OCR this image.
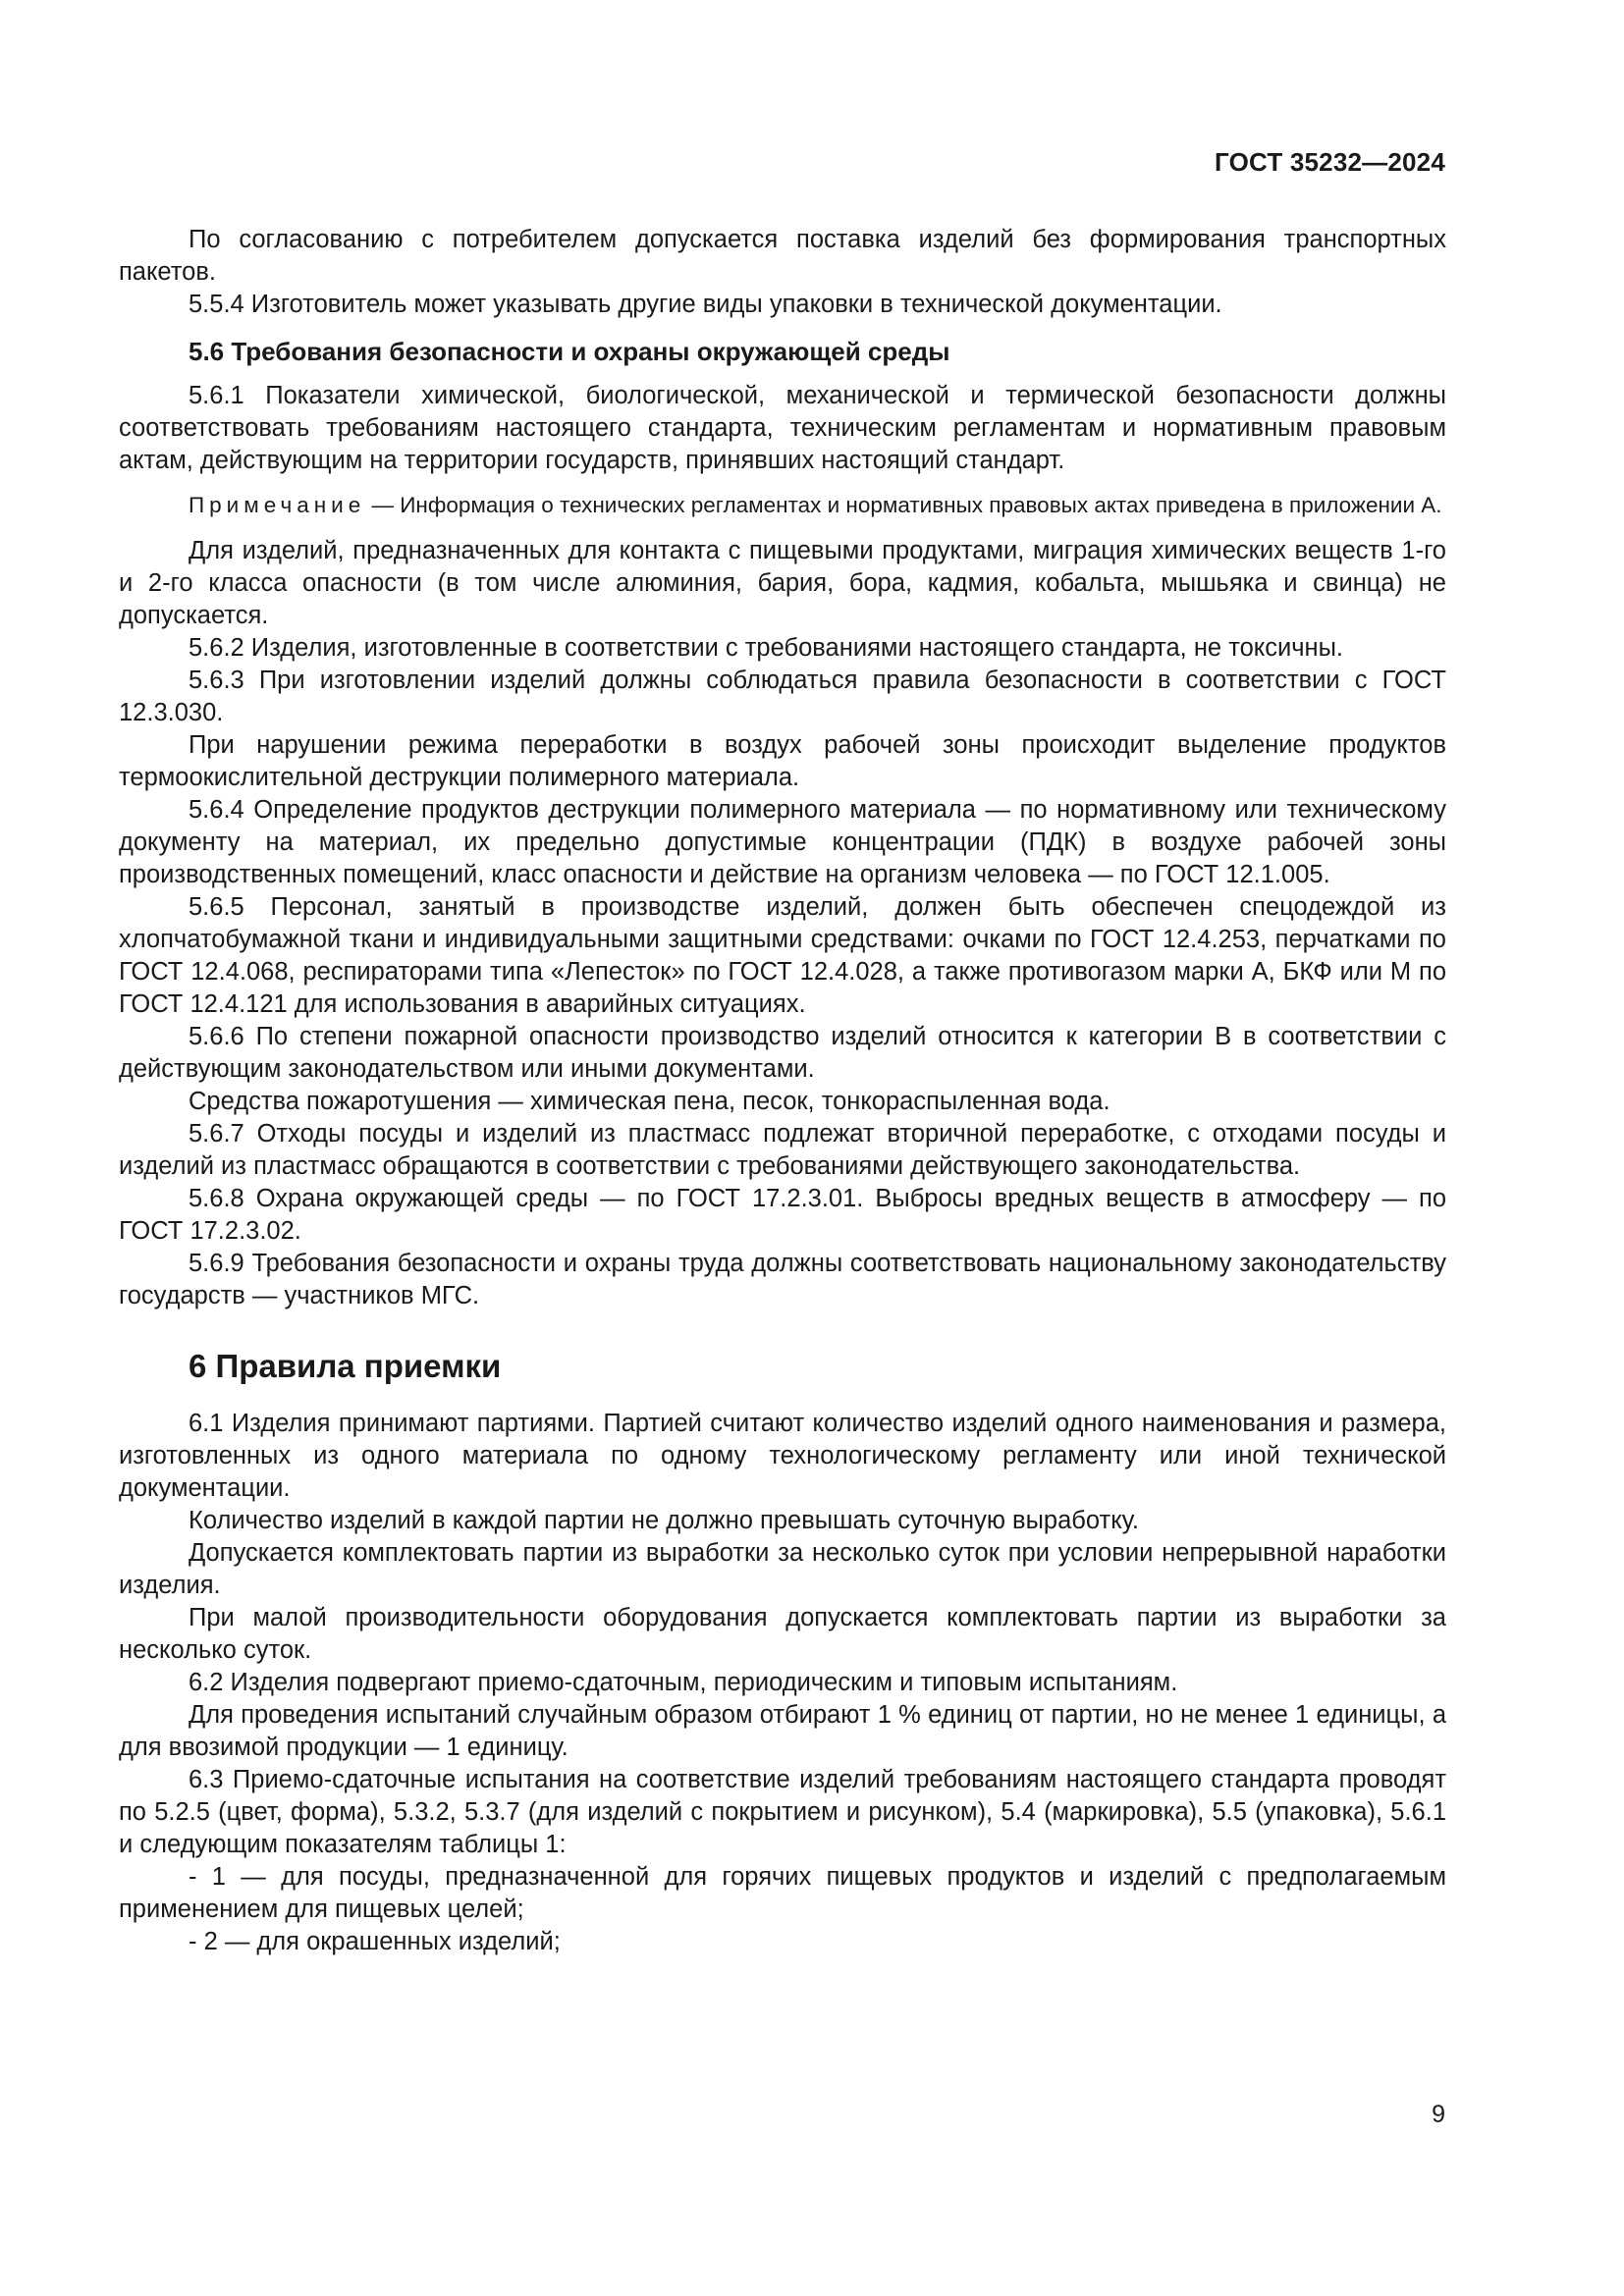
ГОСТ 35232—2024

По согласованию с потребителем допускается поставка изделий без формирования транспортных пакетов.

5.5.4 Изготовитель может указывать другие виды упаковки в технической документации.

5.6 Требования безопасности и охраны окружающей среды

5.6.1 Показатели химической, биологической, механической и термической безопасности должны соответствовать требованиям настоящего стандарта, техническим регламентам и нормативным правовым актам, действующим на территории государств, принявших настоящий стандарт.

Примечание — Информация о технических регламентах и нормативных правовых актах приведена в приложении А.

Для изделий, предназначенных для контакта с пищевыми продуктами, миграция химических веществ 1-го и 2-го класса опасности (в том числе алюминия, бария, бора, кадмия, кобальта, мышьяка и свинца) не допускается.

5.6.2 Изделия, изготовленные в соответствии с требованиями настоящего стандарта, не токсичны.

5.6.3 При изготовлении изделий должны соблюдаться правила безопасности в соответствии с ГОСТ 12.3.030.

При нарушении режима переработки в воздух рабочей зоны происходит выделение продуктов термоокислительной деструкции полимерного материала.

5.6.4 Определение продуктов деструкции полимерного материала — по нормативному или техническому документу на материал, их предельно допустимые концентрации (ПДК) в воздухе рабочей зоны производственных помещений, класс опасности и действие на организм человека — по ГОСТ 12.1.005.

5.6.5 Персонал, занятый в производстве изделий, должен быть обеспечен спецодеждой из хлопчатобумажной ткани и индивидуальными защитными средствами: очками по ГОСТ 12.4.253, перчатками по ГОСТ 12.4.068, респираторами типа «Лепесток» по ГОСТ 12.4.028, а также противогазом марки А, БКФ или М по ГОСТ 12.4.121 для использования в аварийных ситуациях.

5.6.6 По степени пожарной опасности производство изделий относится к категории В в соответствии с действующим законодательством или иными документами.

Средства пожаротушения — химическая пена, песок, тонкораспыленная вода.

5.6.7 Отходы посуды и изделий из пластмасс подлежат вторичной переработке, с отходами посуды и изделий из пластмасс обращаются в соответствии с требованиями действующего законодательства.

5.6.8 Охрана окружающей среды — по ГОСТ 17.2.3.01. Выбросы вредных веществ в атмосферу — по ГОСТ 17.2.3.02.

5.6.9 Требования безопасности и охраны труда должны соответствовать национальному законодательству государств — участников МГС.

6 Правила приемки

6.1 Изделия принимают партиями. Партией считают количество изделий одного наименования и размера, изготовленных из одного материала по одному технологическому регламенту или иной технической документации.

Количество изделий в каждой партии не должно превышать суточную выработку.

Допускается комплектовать партии из выработки за несколько суток при условии непрерывной наработки изделия.

При малой производительности оборудования допускается комплектовать партии из выработки за несколько суток.

6.2 Изделия подвергают приемо-сдаточным, периодическим и типовым испытаниям.

Для проведения испытаний случайным образом отбирают 1 % единиц от партии, но не менее 1 единицы, а для ввозимой продукции — 1 единицу.

6.3 Приемо-сдаточные испытания на соответствие изделий требованиям настоящего стандарта проводят по 5.2.5 (цвет, форма), 5.3.2, 5.3.7 (для изделий с покрытием и рисунком), 5.4 (маркировка), 5.5 (упаковка), 5.6.1 и следующим показателям таблицы 1:

- 1 — для посуды, предназначенной для горячих пищевых продуктов и изделий с предполагаемым применением для пищевых целей;

- 2 — для окрашенных изделий;

9
